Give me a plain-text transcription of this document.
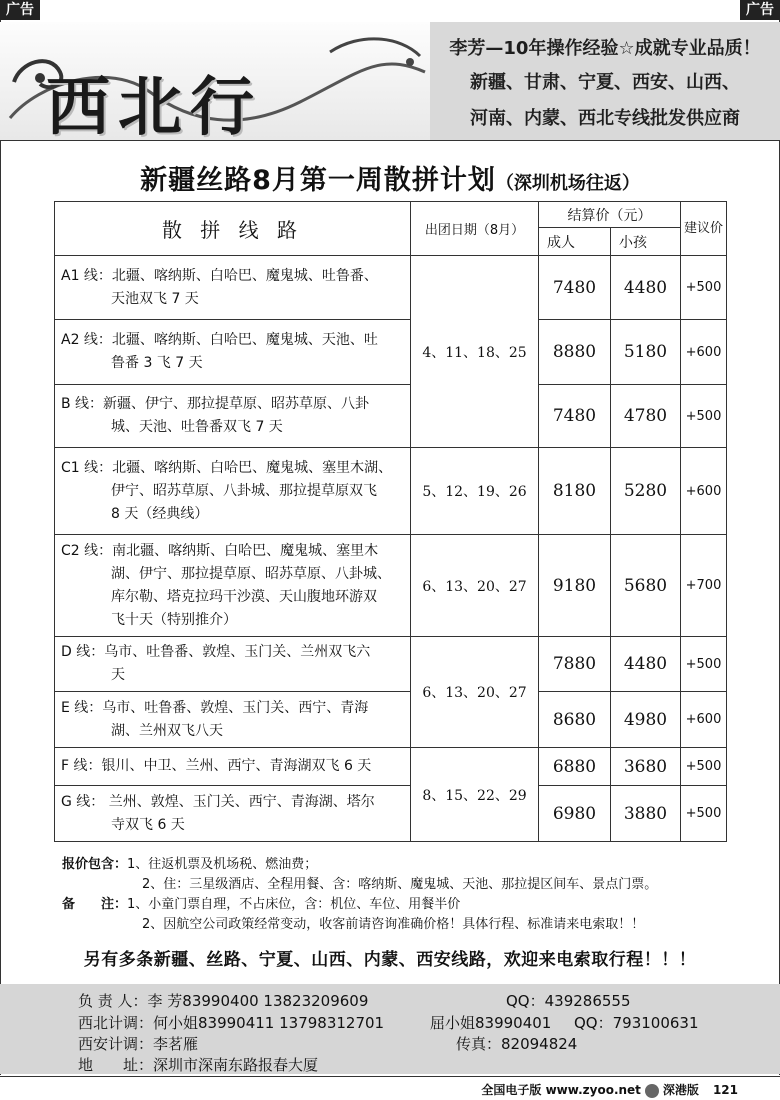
广告	广告
西北行
李芳—10年操作经验☆成就专业品质！
新疆、甘肃、宁夏、西安、山西、
河南、内蒙、西北专线批发供应商
新疆丝路8月第一周散拼计划（深圳机场往返）
散 拼 线 路	出团日期（8月）	结算价（元）		建议价
		成人	小孩	
A1 线：北疆、喀纳斯、白哈巴、魔鬼城、吐鲁番、
天池双飞 7 天	4、11、18、25	7480	4480	+500
A2 线：北疆、喀纳斯、白哈巴、魔鬼城、天池、吐
鲁番 3 飞 7 天		8880	5180	+600
B 线：新疆、伊宁、那拉提草原、昭苏草原、八卦
城、天池、吐鲁番双飞 7 天		7480	4780	+500
C1 线：北疆、喀纳斯、白哈巴、魔鬼城、塞里木湖、
伊宁、昭苏草原、八卦城、那拉提草原双飞
8 天（经典线）	5、12、19、26	8180	5280	+600
C2 线：南北疆、喀纳斯、白哈巴、魔鬼城、塞里木
湖、伊宁、那拉提草原、昭苏草原、八卦城、
库尔勒、塔克拉玛干沙漠、天山腹地环游双
飞十天（特别推介）	6、13、20、27	9180	5680	+700
D 线：乌市、吐鲁番、敦煌、玉门关、兰州双飞六
天	6、13、20、27	7880	4480	+500
E 线：乌市、吐鲁番、敦煌、玉门关、西宁、青海
湖、兰州双飞八天		8680	4980	+600
F 线：银川、中卫、兰州、西宁、青海湖双飞 6 天	8、15、22、29	6880	3680	+500
G 线： 兰州、敦煌、玉门关、西宁、青海湖、塔尔
寺双飞 6 天		6980	3880	+500
报价包含：1、往返机票及机场税、燃油费；
2、住：三星级酒店、全程用餐、含：喀纳斯、魔鬼城、天池、那拉提区间车、景点门票。
备　　注：1、小童门票自理，不占床位，含：机位、车位、用餐半价
2、因航空公司政策经常变动，收客前请咨询准确价格！具体行程、标准请来电索取！！
另有多条新疆、丝路、宁夏、山西、内蒙、西安线路，欢迎来电索取行程！！！
负 责 人：李 芳83990400 13823209609	QQ：439286555
西北计调：何小姐83990411 13798312701	屈小姐83990401 QQ：793100631
西安计调：李茗雁	传真：82094824
地　　址：深圳市深南东路报春大厦
全国电子版 www.zyoo.net 深港版 121
